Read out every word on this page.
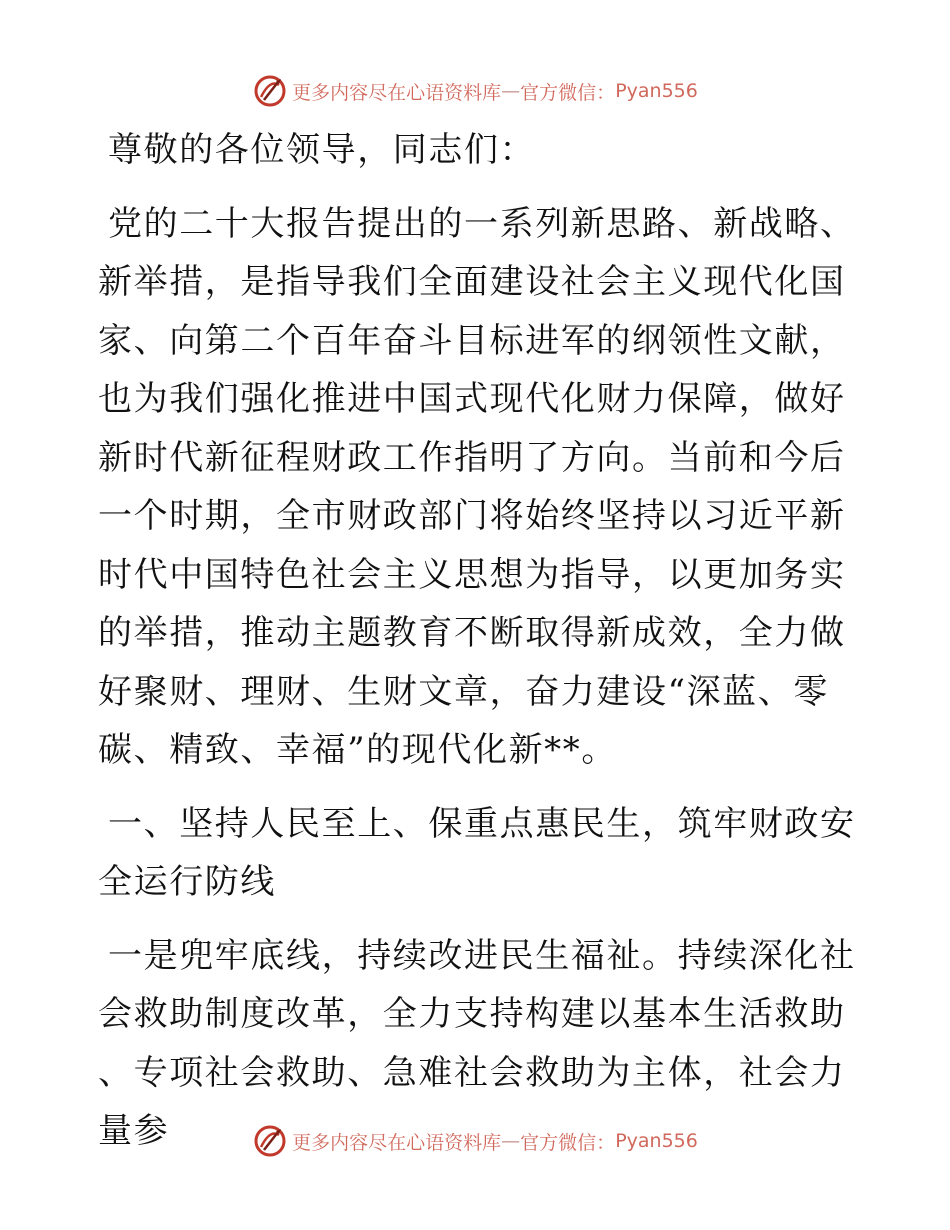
更多内容尽在心语资料库 — 官方微信： Pyan556

尊敬的各位领导，同志们：

党的二十大报告提出的一系列新思路、新战略、新举措，是指导我们全面建设社会主义现代化国家、向第二个百年奋斗目标进军的纲领性文献，也为我们强化推进中国式现代化财力保障，做好新时代新征程财政工作指明了方向。当前和今后一个时期，全市财政部门将始终坚持以习近平新时代中国特色社会主义思想为指导，以更加务实的举措，推动主题教育不断取得新成效，全力做好聚财、理财、生财文章，奋力建设“深蓝、零碳、精致、幸福”的现代化新**。

一、坚持人民至上、保重点惠民生，筑牢财政安全运行防线

一是兜牢底线，持续改进民生福祉。持续深化社会救助制度改革，全力支持构建以基本生活救助、专项社会救助、急难社会救助为主体，社会力量参	更多内容尽在心语资料库 — 官方微信： Pyan556
